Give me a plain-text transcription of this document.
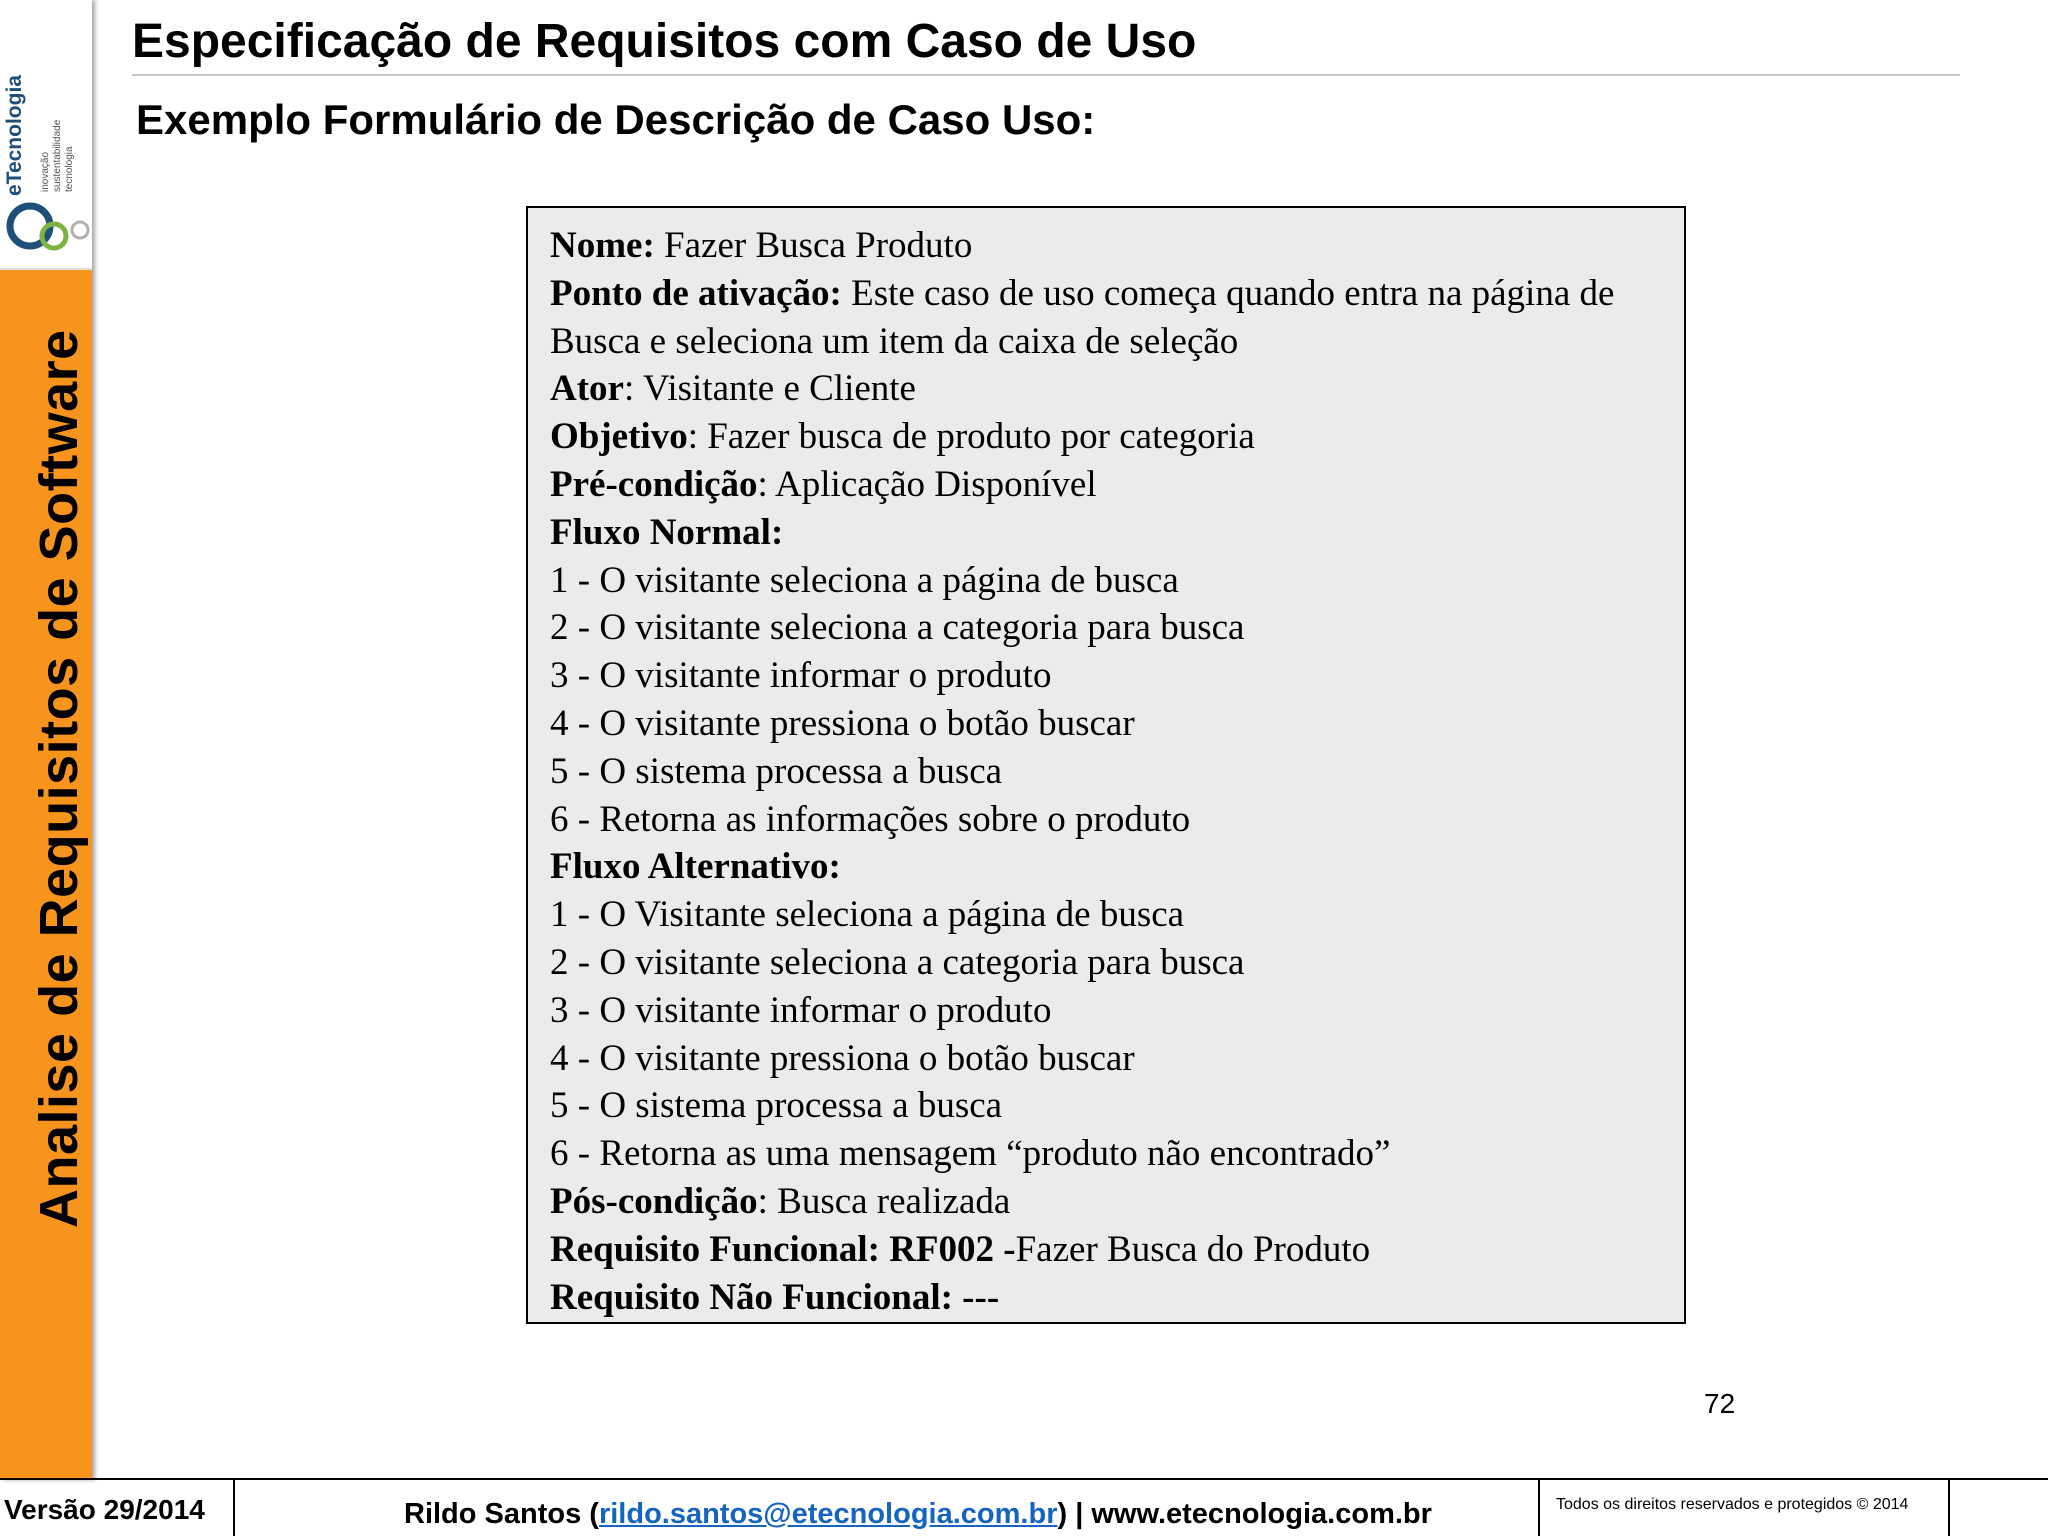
eTecnologia inovação sustentabilidade tecnologia
Analise de Requisitos de Software
Especificação de Requisitos com Caso de Uso
Exemplo Formulário de Descrição de Caso Uso:
Nome: Fazer Busca Produto
Ponto de ativação: Este caso de uso começa quando entra na página de Busca e seleciona um item da caixa de seleção
Ator: Visitante e Cliente
Objetivo: Fazer busca de produto por categoria
Pré-condição: Aplicação Disponível
Fluxo Normal:
1 - O visitante seleciona a página de busca
2 - O visitante seleciona a categoria para busca
3 - O visitante informar o produto
4 - O visitante pressiona o botão buscar
5 - O sistema processa a busca
6 - Retorna as informações sobre o produto
Fluxo Alternativo:
1 - O Visitante seleciona a página de busca
2 - O visitante seleciona a categoria para busca
3 - O visitante informar o produto
4 - O visitante pressiona o botão buscar
5 - O sistema processa a busca
6 - Retorna as uma mensagem “produto não encontrado”
Pós-condição: Busca realizada
Requisito Funcional: RF002 -Fazer Busca do Produto
Requisito Não Funcional: ---
72
Versão 29/2014	Rildo Santos (rildo.santos@etecnologia.com.br) | www.etecnologia.com.br	Todos os direitos reservados e protegidos © 2014
